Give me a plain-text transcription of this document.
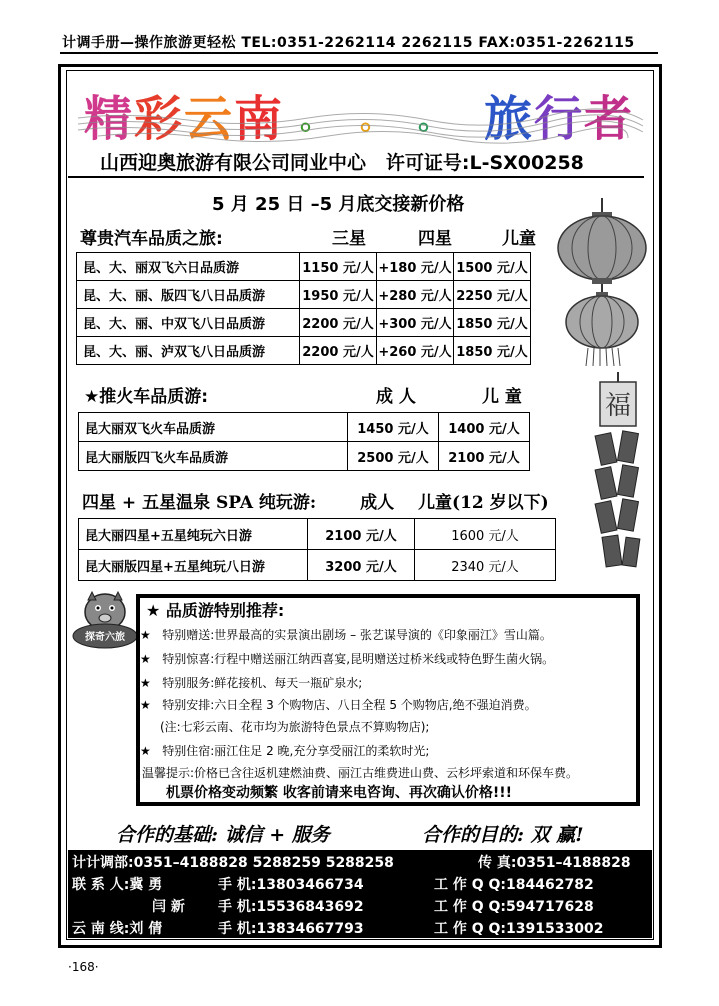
计调手册—操作旅游更轻松 TEL:0351-2262114 2262115 FAX:0351-2262115
精彩云南 。 。 。 旅行者
山西迎奥旅游有限公司同业中心 许可证号:L-SX00258
5 月 25 日 –5 月底交接新价格
尊贵汽车品质之旅:	三星	四星	儿童
昆、大、丽双飞六日品质游	1150 元/人	+180 元/人	1500 元/人
昆、大、丽、版四飞八日品质游	1950 元/人	+280 元/人	2250 元/人
昆、大、丽、中双飞八日品质游	2200 元/人	+300 元/人	1850 元/人
昆、大、丽、泸双飞八日品质游	2200 元/人	+260 元/人	1850 元/人
★推火车品质游:	成 人	儿 童
昆大丽双飞火车品质游	1450 元/人	1400 元/人
昆大丽版四飞火车品质游	2500 元/人	2100 元/人
福
四星 + 五星温泉 SPA 纯玩游:	成人 儿童(12 岁以下)
昆大丽四星+五星纯玩六日游	2100 元/人	1600 元/人
昆大丽版四星+五星纯玩八日游	3200 元/人	2340 元/人
探奇六旅
★ 品质游特别推荐:
★ 特别赠送:世界最高的实景演出剧场 – 张艺谋导演的《印象丽江》雪山篇。
★ 特别惊喜:行程中赠送丽江纳西喜宴,昆明赠送过桥米线或特色野生菌火锅。
★ 特别服务:鲜花接机、每天一瓶矿泉水;
★ 特别安排:六日全程 3 个购物店、八日全程 5 个购物店,绝不强迫消费。
(注:七彩云南、花市均为旅游特色景点不算购物店);
★ 特别住宿:丽江住足 2 晚,充分享受丽江的柔软时光;
温馨提示:价格已含往返机建燃油费、丽江古维费进山费、云杉坪索道和环保车费。
机票价格变动频繁 收客前请来电咨询、再次确认价格!!!
合作的基础: 诚信 + 服务	合作的目的: 双 赢!
计计调部:0351–4188828 5288259 5288258	传 真:0351–4188828
联 系 人:冀 勇	手 机:13803466734	工 作 Q Q:184462782
闫 新 手 机:15536843692	工 作 Q Q:594717628
云 南 线:刘 倩	手 机:13834667793	工 作 Q Q:1391533002
·168·
